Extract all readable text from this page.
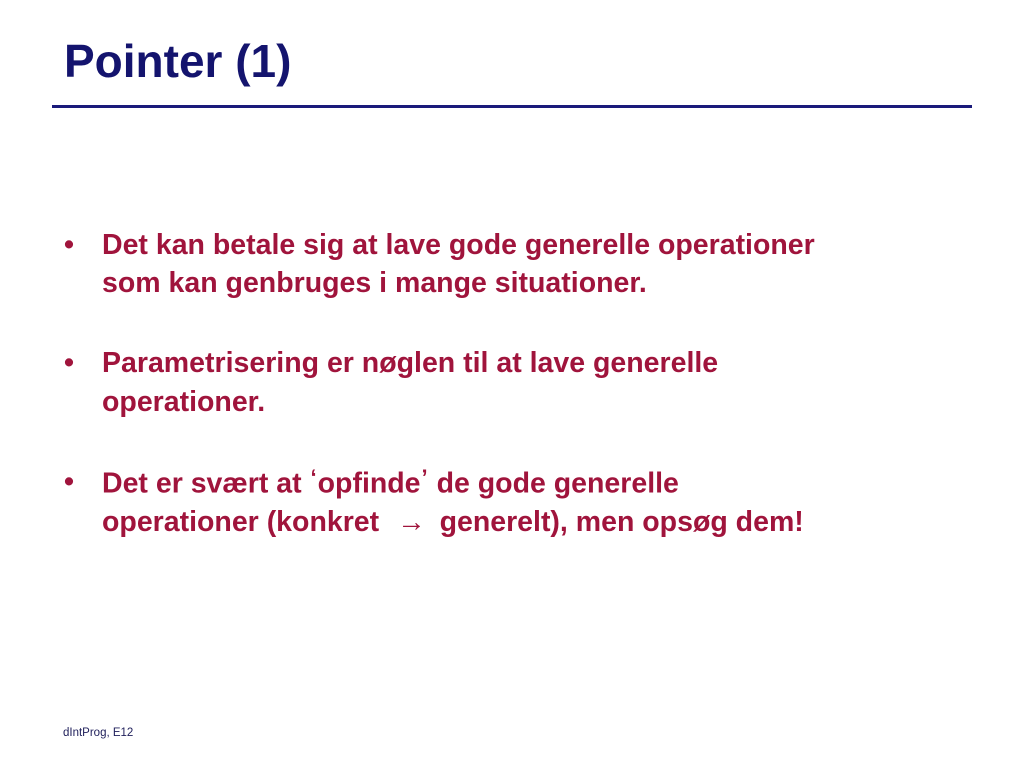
Pointer (1)
• Det kan betale sig at lave gode generelle operationer
som kan genbruges i mange situationer.
• Parametrisering er nøglen til at lave generelle
operationer.
• Det er svært at ‘opfinde’ de gode generelle
operationer (konkret → generelt), men opsøg dem!
dIntProg, E12
